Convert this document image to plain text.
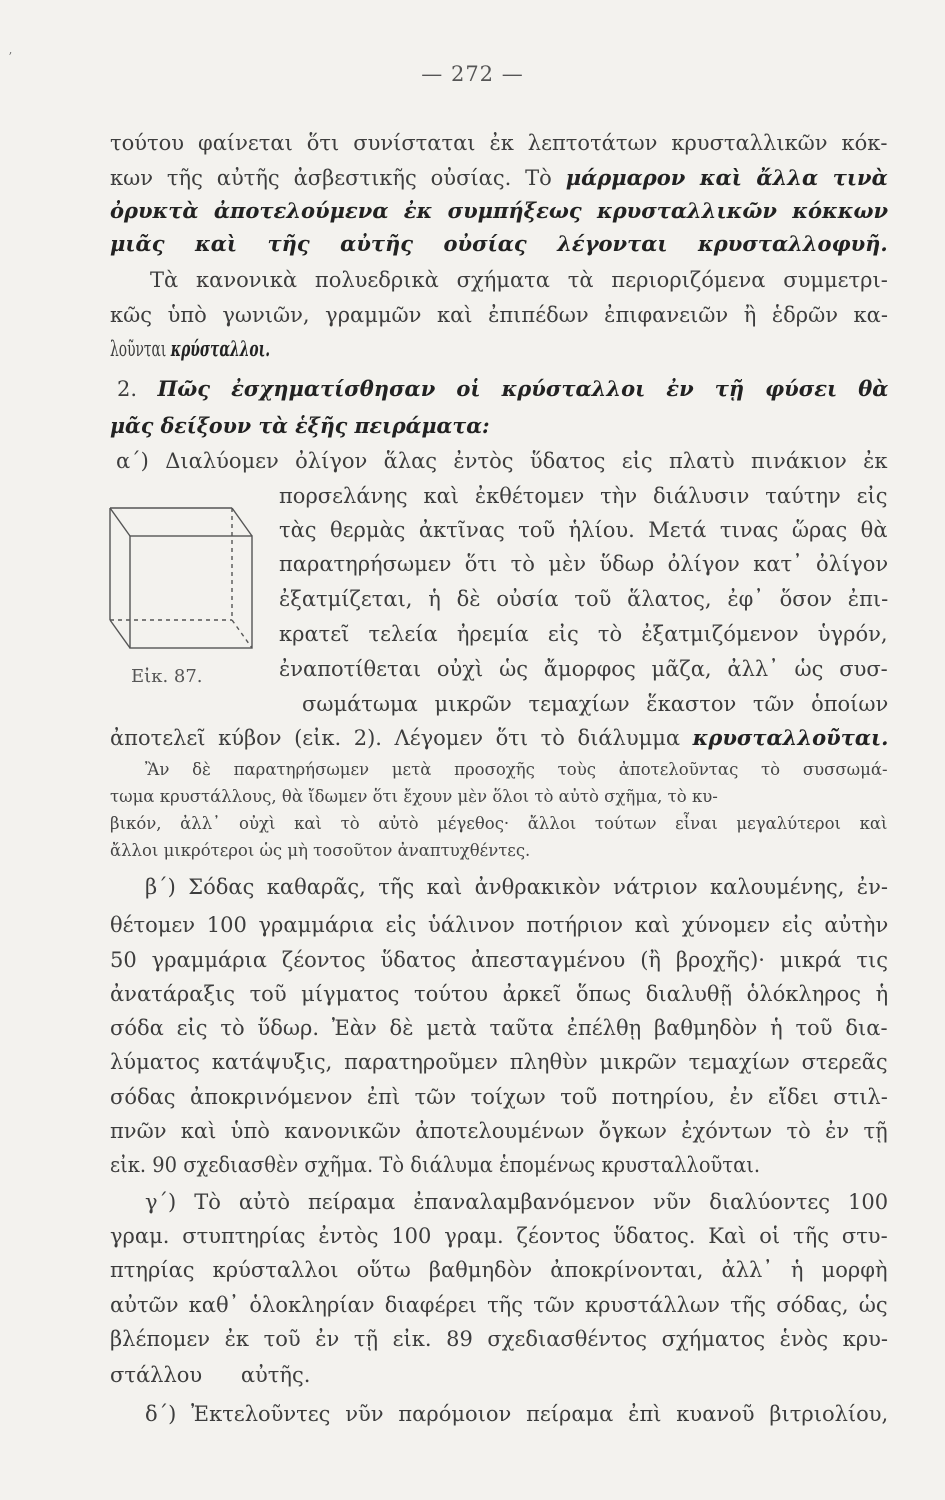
ʼ
— 272 —
τούτου φαίνεται ὅτι συνίσταται ἐκ λεπτοτάτων κρυσταλλικῶν κόκ-
κων τῆς αὐτῆς ἀσβεστικῆς οὐσίας. Τὸ μάρμαρον καὶ ἄλλα τινὰ
ὀρυκτὰ ἀποτελούμενα ἐκ συμπήξεως κρυσταλλικῶν κόκκων
μιᾶς καὶ τῆς αὐτῆς οὐσίας λέγονται κρυσταλλοφυῆ.
Τὰ κανονικὰ πολυεδρικὰ σχήματα τὰ περιοριζόμενα συμμετρι-
κῶς ὑπὸ γωνιῶν, γραμμῶν καὶ ἐπιπέδων ἐπιφανειῶν ἢ ἑδρῶν κα-
λοῦνται κρύσταλλοι.
2. Πῶς ἐσχηματίσθησαν οἱ κρύσταλλοι ἐν τῇ φύσει θὰ
μᾶς δείξουν τὰ ἑξῆς πειράματα:
α΄) Διαλύομεν ὀλίγον ἅλας ἐντὸς ὕδατος εἰς πλατὺ πινάκιον ἐκ
πορσελάνης καὶ ἐκθέτομεν τὴν διάλυσιν ταύτην εἰς
τὰς θερμὰς ἀκτῖνας τοῦ ἡλίου. Μετά τινας ὥρας θὰ
παρατηρήσωμεν ὅτι τὸ μὲν ὕδωρ ὀλίγον κατ᾿ ὀλίγον
ἐξατμίζεται, ἡ δὲ οὐσία τοῦ ἅλατος, ἐφ᾿ ὅσον ἐπι-
κρατεῖ τελεία ἠρεμία εἰς τὸ ἐξατμιζόμενον ὑγρόν,
ἐναποτίθεται οὐχὶ ὡς ἄμορφος μᾶζα, ἀλλ᾿ ὡς συσ-
σωμάτωμα μικρῶν τεμαχίων ἕκαστον τῶν ὁποίων
ἀποτελεῖ κύβον (εἰκ. 2). Λέγομεν ὅτι τὸ διάλυμμα κρυσταλλοῦται.
Ἂν δὲ παρατηρήσωμεν μετὰ προσοχῆς τοὺς ἀποτελοῦντας τὸ συσσωμά-
τωμα κρυστάλλους, θὰ ἴδωμεν ὅτι ἔχουν μὲν ὅλοι τὸ αὐτὸ σχῆμα, τὸ κυ-
βικόν, ἀλλ᾿ οὐχὶ καὶ τὸ αὐτὸ μέγεθος· ἄλλοι τούτων εἶναι μεγαλύτεροι καὶ
ἄλλοι μικρότεροι ὡς μὴ τοσοῦτον ἀναπτυχθέντες.
β΄) Σόδας καθαρᾶς, τῆς καὶ ἀνθρακικὸν νάτριον καλουμένης, ἐν-
θέτομεν 100 γραμμάρια εἰς ὑάλινον ποτήριον καὶ χύνομεν εἰς αὐτὴν
50 γραμμάρια ζέοντος ὕδατος ἀπεσταγμένου (ἢ βροχῆς)· μικρά τις
ἀνατάραξις τοῦ μίγματος τούτου ἀρκεῖ ὅπως διαλυθῇ ὁλόκληρος ἡ
σόδα εἰς τὸ ὕδωρ. Ἐὰν δὲ μετὰ ταῦτα ἐπέλθῃ βαθμηδὸν ἡ τοῦ δια-
λύματος κατάψυξις, παρατηροῦμεν πληθὺν μικρῶν τεμαχίων στερεᾶς
σόδας ἀποκρινόμενον ἐπὶ τῶν τοίχων τοῦ ποτηρίου, ἐν εἴδει στιλ-
πνῶν καὶ ὑπὸ κανονικῶν ἀποτελουμένων ὄγκων ἐχόντων τὸ ἐν τῇ
εἰκ. 90 σχεδιασθὲν σχῆμα. Τὸ διάλυμα ἑπομένως κρυσταλλοῦται.
γ΄) Τὸ αὐτὸ πείραμα ἐπαναλαμβανόμενον νῦν διαλύοντες 100
γραμ. στυπτηρίας ἐντὸς 100 γραμ. ζέοντος ὕδατος. Καὶ οἱ τῆς στυ-
πτηρίας κρύσταλλοι οὕτω βαθμηδὸν ἀποκρίνονται, ἀλλ᾿ ἡ μορφὴ
αὐτῶν καθ᾿ ὁλοκληρίαν διαφέρει τῆς τῶν κρυστάλλων τῆς σόδας, ὡς
βλέπομεν ἐκ τοῦ ἐν τῇ εἰκ. 89 σχεδιασθέντος σχήματος ἑνὸς κρυ-
στάλλου αὐτῆς.
δ΄) Ἐκτελοῦντες νῦν παρόμοιον πείραμα ἐπὶ κυανοῦ βιτριολίου,
Εἰκ. 87.
